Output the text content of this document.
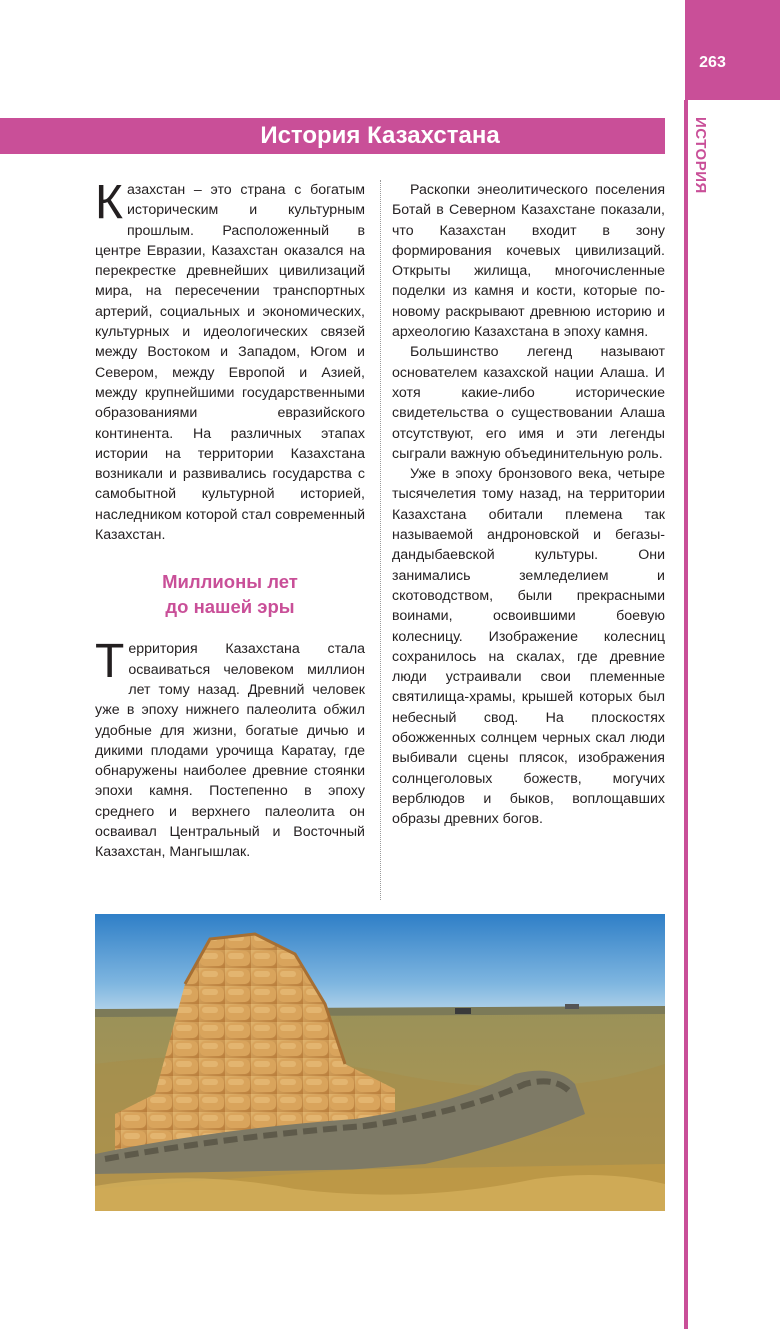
263
ИСТОРИЯ
История Казахстана

Казахстан – это страна с богатым историческим и культурным прошлым. Расположенный в центре Евразии, Казахстан оказался на перекрестке древнейших цивилизаций мира, на пересечении транспортных артерий, социальных и экономических, культурных и идеологических связей между Востоком и Западом, Югом и Севером, между Европой и Азией, между крупнейшими государственными образованиями евразийского континента. На различных этапах истории на территории Казахстана возникали и развивались государства с самобытной культурной историей, наследником которой стал современный Казахстан.

Миллионы лет
до нашей эры

Территория Казахстана стала осваиваться человеком миллион лет тому назад. Древний человек уже в эпоху нижнего палеолита обжил удобные для жизни, богатые дичью и дикими плодами урочища Каратау, где обнаружены наиболее древние стоянки эпохи камня. Постепенно в эпоху среднего и верхнего палеолита он осваивал Центральный и Восточный Казахстан, Мангышлак.

Раскопки энеолитического поселения Ботай в Северном Казахстане показали, что Казахстан входит в зону формирования кочевых цивилизаций. Открыты жилища, многочисленные поделки из камня и кости, которые по-новому раскрывают древнюю историю и археологию Казахстана в эпоху камня.

Большинство легенд называют основателем казахской нации Алаша. И хотя какие-либо исторические свидетельства о существовании Алаша отсутствуют, его имя и эти легенды сыграли важную объединительную роль.

Уже в эпоху бронзового века, четыре тысячелетия тому назад, на территории Казахстана обитали племена так называемой андроновской и бегазы-дандыбаевской культуры. Они занимались земледелием и скотоводством, были прекрасными воинами, освоившими боевую колесницу. Изображение колесниц сохранилось на скалах, где древние люди устраивали свои племенные святилища-храмы, крышей которых был небесный свод. На плоскостях обожженных солнцем черных скал люди выбивали сцены плясок, изображения солнцеголовых божеств, могучих верблюдов и быков, воплощавших образы древних богов.
